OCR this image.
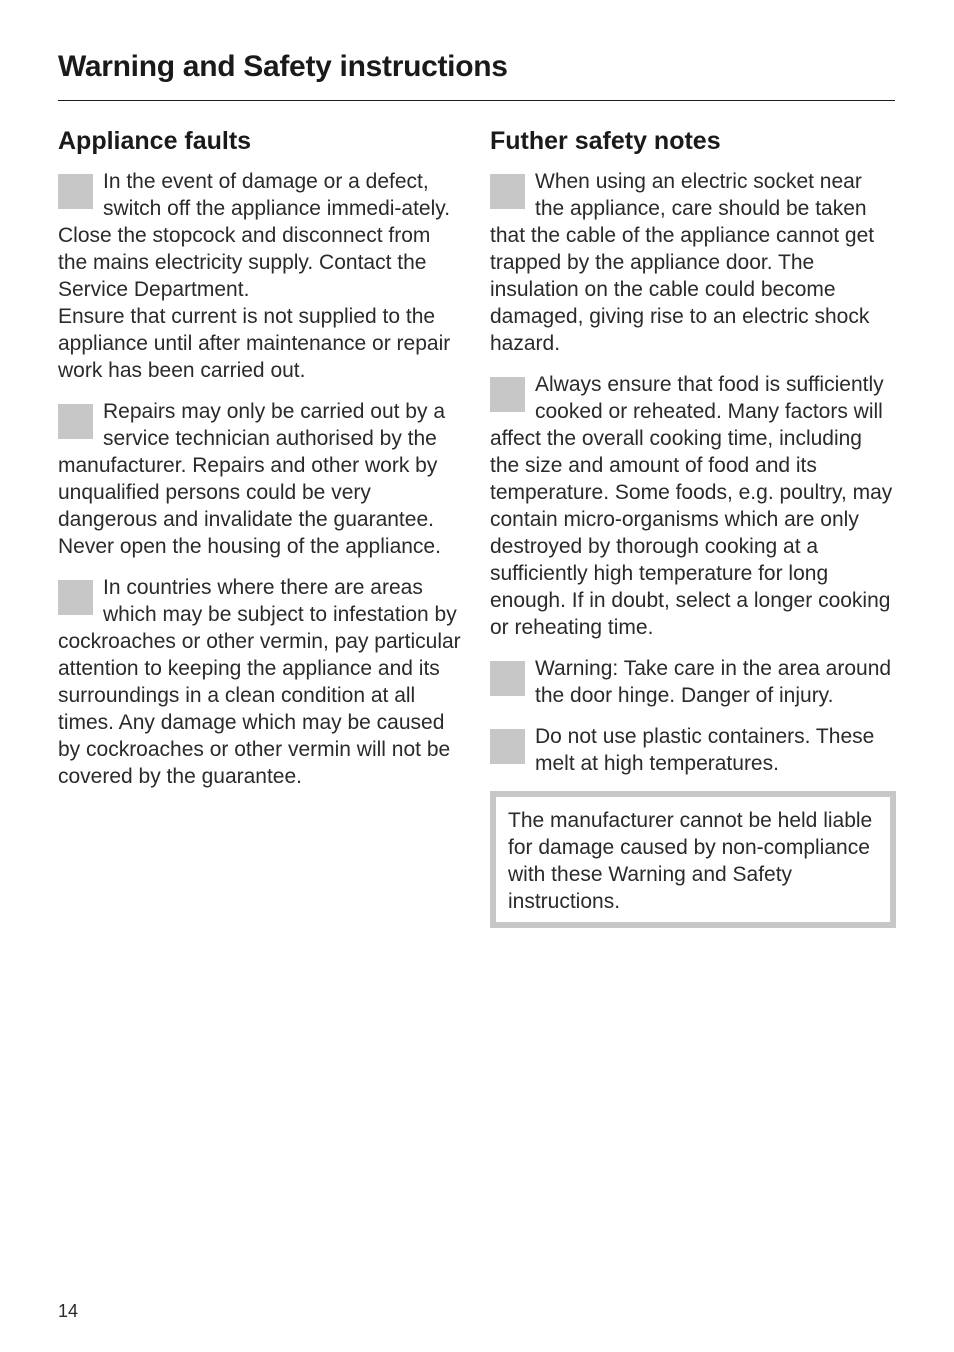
Warning and Safety instructions
Appliance faults

In the event of damage or a defect, switch off the appliance immedi-ately. Close the stopcock and disconnect from the mains electricity supply. Contact the Service Department.

Ensure that current is not supplied to the appliance until after maintenance or repair work has been carried out.

Repairs may only be carried out by a service technician authorised by the manufacturer. Repairs and other work by unqualified persons could be very dangerous and invalidate the guarantee. Never open the housing of the appliance.

In countries where there are areas which may be subject to infestation by cockroaches or other vermin, pay particular attention to keeping the appliance and its surroundings in a clean condition at all times. Any damage which may be caused by cockroaches or other vermin will not be covered by the guarantee.

Futher safety notes

When using an electric socket near the appliance, care should be taken that the cable of the appliance cannot get trapped by the appliance door. The insulation on the cable could become damaged, giving rise to an electric shock hazard.

Always ensure that food is sufficiently cooked or reheated. Many factors will affect the overall cooking time, including the size and amount of food and its temperature. Some foods, e.g. poultry, may contain micro-organisms which are only destroyed by thorough cooking at a sufficiently high temperature for long enough. If in doubt, select a longer cooking or reheating time.

Warning: Take care in the area around the door hinge. Danger of injury.

Do not use plastic containers. These melt at high temperatures.

The manufacturer cannot be held liable for damage caused by non-compliance with these Warning and Safety instructions.
14
